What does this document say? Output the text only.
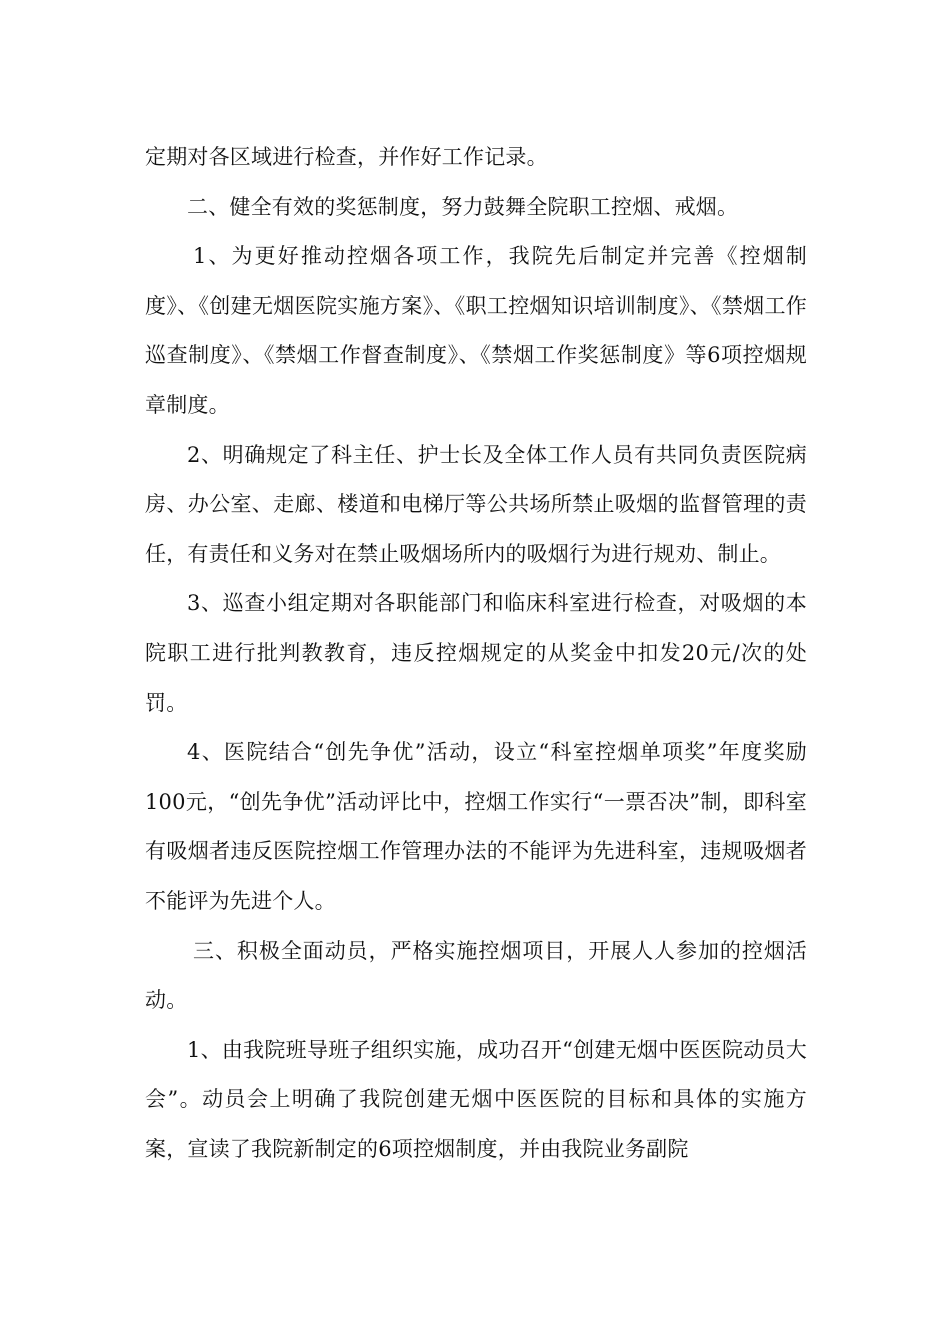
定期对各区域进行检查，并作好工作记录。

二、健全有效的奖惩制度，努力鼓舞全院职工控烟、戒烟。

1、为更好推动控烟各项工作，我院先后制定并完善《控烟制度》、《创建无烟医院实施方案》、《职工控烟知识培训制度》、《禁烟工作巡查制度》、《禁烟工作督查制度》、《禁烟工作奖惩制度》等6项控烟规章制度。

2、明确规定了科主任、护士长及全体工作人员有共同负责医院病房、办公室、走廊、楼道和电梯厅等公共场所禁止吸烟的监督管理的责任，有责任和义务对在禁止吸烟场所内的吸烟行为进行规劝、制止。

3、巡查小组定期对各职能部门和临床科室进行检查，对吸烟的本院职工进行批判教教育，违反控烟规定的从奖金中扣发20元/次的处罚。

4、医院结合“创先争优”活动，设立“科室控烟单项奖”年度奖励100元，“创先争优”活动评比中，控烟工作实行“一票否决”制，即科室有吸烟者违反医院控烟工作管理办法的不能评为先进科室，违规吸烟者不能评为先进个人。

三、积极全面动员，严格实施控烟项目，开展人人参加的控烟活动。

1、由我院班导班子组织实施，成功召开“创建无烟中医医院动员大会”。动员会上明确了我院创建无烟中医医院的目标和具体的实施方案，宣读了我院新制定的6项控烟制度，并由我院业务副院
